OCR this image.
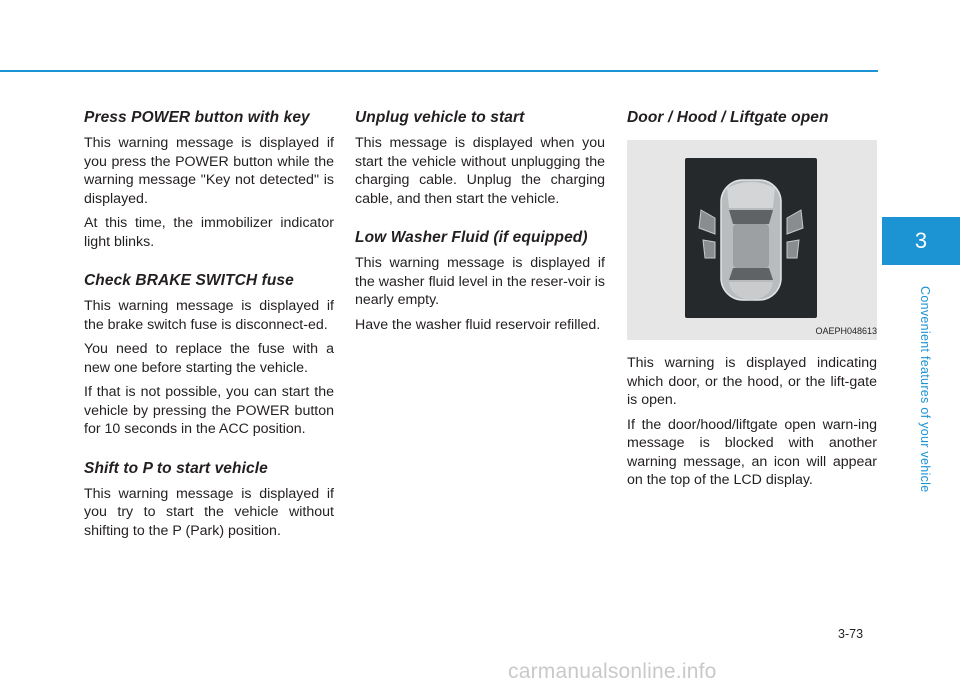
Press POWER button with key

This warning message is displayed if you press the POWER button while the warning message "Key not detected" is displayed.

At this time, the immobilizer indicator light blinks.

Check BRAKE SWITCH fuse

This warning message is displayed if the brake switch fuse is disconnect-ed.

You need to replace the fuse with a new one before starting the vehicle.

If that is not possible, you can start the vehicle by pressing the POWER button for 10 seconds in the ACC position.

Shift to P to start vehicle

This warning message is displayed if you try to start the vehicle without shifting to the P (Park) position.

Unplug vehicle to start

This message is displayed when you start the vehicle without unplugging the charging cable. Unplug the charging cable, and then start the vehicle.

Low Washer Fluid (if equipped)

This warning message is displayed if the washer fluid level in the reser-voir is nearly empty.

Have the washer fluid reservoir refilled.

Door / Hood / Liftgate open
OAEPH048613

This warning is displayed indicating which door, or the hood, or the lift-gate is open.

If the door/hood/liftgate open warn-ing message is blocked with another warning message, an icon will appear on the top of the LCD display.

3
Convenient features of your vehicle
3-73
carmanualsonline.info
